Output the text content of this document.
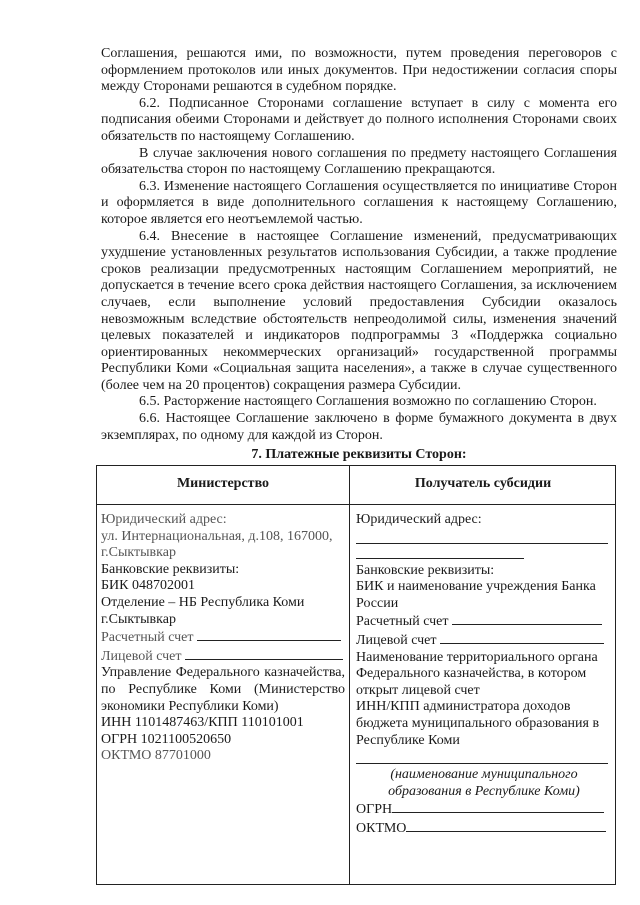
Соглашения, решаются ими, по возможности, путем проведения переговоров с оформлением протоколов или иных документов. При недостижении согласия споры между Сторонами решаются в судебном порядке.

6.2. Подписанное Сторонами соглашение вступает в силу с момента его подписания обеими Сторонами и действует до полного исполнения Сторонами своих обязательств по настоящему Соглашению.

В случае заключения нового соглашения по предмету настоящего Соглашения обязательства сторон по настоящему Соглашению прекращаются.

6.3. Изменение настоящего Соглашения осуществляется по инициативе Сторон и оформляется в виде дополнительного соглашения к настоящему Соглашению, которое является его неотъемлемой частью.

6.4. Внесение в настоящее Соглашение изменений, предусматривающих ухудшение установленных результатов использования Субсидии, а также продление сроков реализации предусмотренных настоящим Соглашением мероприятий, не допускается в течение всего срока действия настоящего Соглашения, за исключением случаев, если выполнение условий предоставления Субсидии оказалось невозможным вследствие обстоятельств непреодолимой силы, изменения значений целевых показателей и индикаторов подпрограммы 3 «Поддержка социально ориентированных некоммерческих организаций» государственной программы Республики Коми «Социальная защита населения», а также в случае существенного (более чем на 20 процентов) сокращения размера Субсидии.

6.5. Расторжение настоящего Соглашения возможно по соглашению Сторон.

6.6. Настоящее Соглашение заключено в форме бумажного документа в двух экземплярах, по одному для каждой из Сторон.

7. Платежные реквизиты Сторон:
Министерство	Получатель субсидии
Юридический адрес:
ул. Интернациональная, д.108, 167000,
г.Сыктывкар
Банковские реквизиты:
БИК 048702001
Отделение – НБ Республика Коми
г.Сыктывкар
Расчетный счет
Лицевой счет
Управление Федерального казначейства,
по Республике Коми (Министерство
экономики Республики Коми)
ИНН 1101487463/КПП 110101001
ОГРН 1021100520650
ОКТМО 87701000
Юридический адрес:
Банковские реквизиты:
БИК и наименование учреждения Банка
России
Расчетный счет
Лицевой счет
Наименование территориального органа
Федерального казначейства, в котором
открыт лицевой счет
ИНН/КПП администратора доходов
бюджета муниципального образования в
Республике Коми
(наименование муниципального
образования в Республике Коми)
ОГРН
ОКТМО
